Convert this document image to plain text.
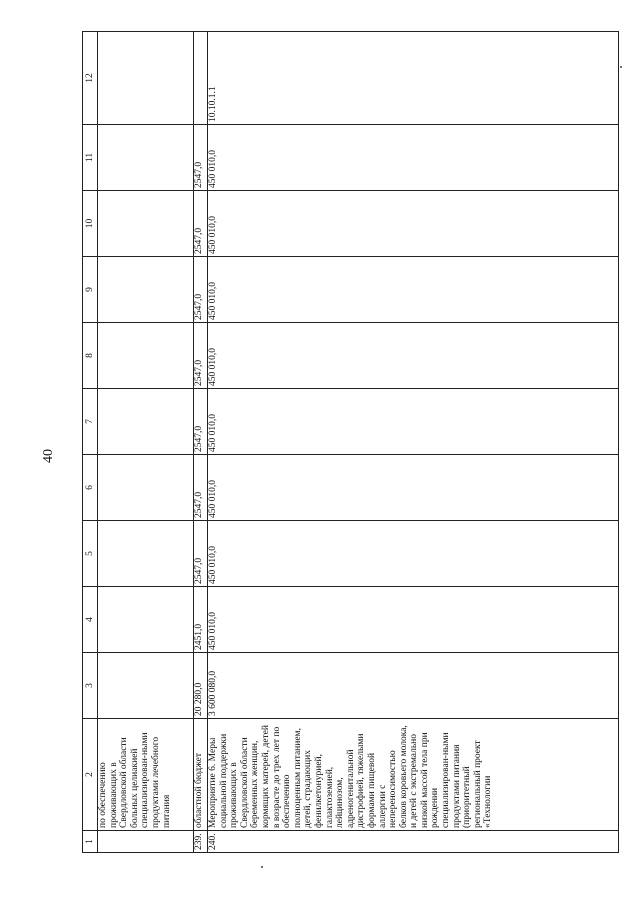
40
1	2	3	4	5	6	7	8	9	10	11	12
	по обеспечению проживающих в Свердловской области больных целиакией специализирован-ными продуктами лечебного питания										
239.	областной бюджет	20 280,0	2451,0	2547,0	2547,0	2547,0	2547,0	2547,0	2547,0	2547,0	
240.	Мероприятие 6. Меры социальной поддержки проживающих в Свердловской области беременных женщин, кормящих матерей, детей в возрасте до трех лет по обеспечению полноценным питанием, детей, страдающих фенилкетонурией, галактоземией, лейцинозом, адреногенитальной дистрофией, тяжелыми формами пищевой аллергии с непереносимостью белков коровьего молока, и детей с экстремально низкой массой тела при рождении специализирован-ными продуктами питания (приоритетный региональный проект «Технологии	3 600 080,0	450 010,0	450 010,0	450 010,0	450 010,0	450 010,0	450 010,0	450 010,0	450 010,0	10.10.1.1
